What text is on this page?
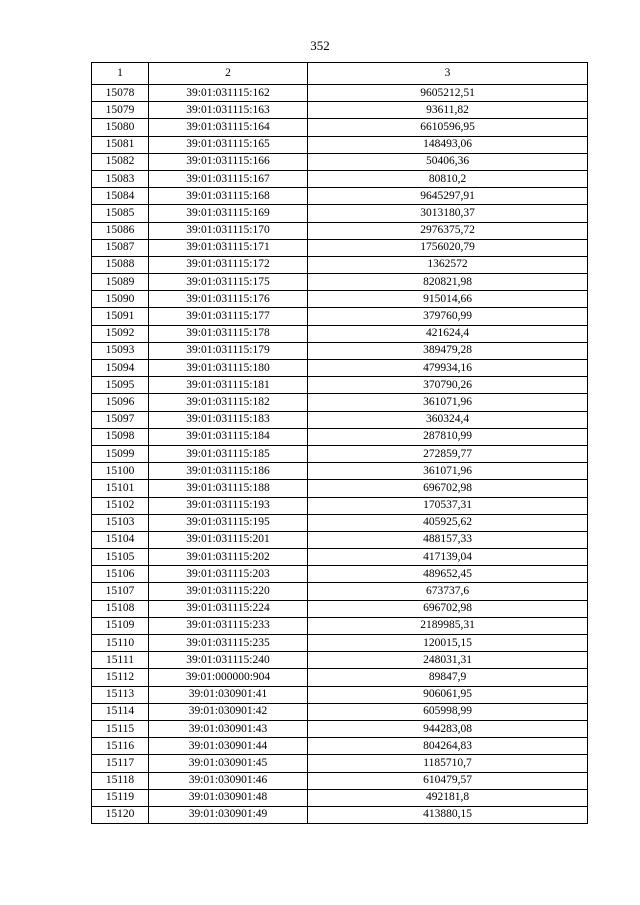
352
1	2	3
15078	39:01:031115:162	9605212,51
15079	39:01:031115:163	93611,82
15080	39:01:031115:164	6610596,95
15081	39:01:031115:165	148493,06
15082	39:01:031115:166	50406,36
15083	39:01:031115:167	80810,2
15084	39:01:031115:168	9645297,91
15085	39:01:031115:169	3013180,37
15086	39:01:031115:170	2976375,72
15087	39:01:031115:171	1756020,79
15088	39:01:031115:172	1362572
15089	39:01:031115:175	820821,98
15090	39:01:031115:176	915014,66
15091	39:01:031115:177	379760,99
15092	39:01:031115:178	421624,4
15093	39:01:031115:179	389479,28
15094	39:01:031115:180	479934,16
15095	39:01:031115:181	370790,26
15096	39:01:031115:182	361071,96
15097	39:01:031115:183	360324,4
15098	39:01:031115:184	287810,99
15099	39:01:031115:185	272859,77
15100	39:01:031115:186	361071,96
15101	39:01:031115:188	696702,98
15102	39:01:031115:193	170537,31
15103	39:01:031115:195	405925,62
15104	39:01:031115:201	488157,33
15105	39:01:031115:202	417139,04
15106	39:01:031115:203	489652,45
15107	39:01:031115:220	673737,6
15108	39:01:031115:224	696702,98
15109	39:01:031115:233	2189985,31
15110	39:01:031115:235	120015,15
15111	39:01:031115:240	248031,31
15112	39:01:000000:904	89847,9
15113	39:01:030901:41	906061,95
15114	39:01:030901:42	605998,99
15115	39:01:030901:43	944283,08
15116	39:01:030901:44	804264,83
15117	39:01:030901:45	1185710,7
15118	39:01:030901:46	610479,57
15119	39:01:030901:48	492181,8
15120	39:01:030901:49	413880,15
